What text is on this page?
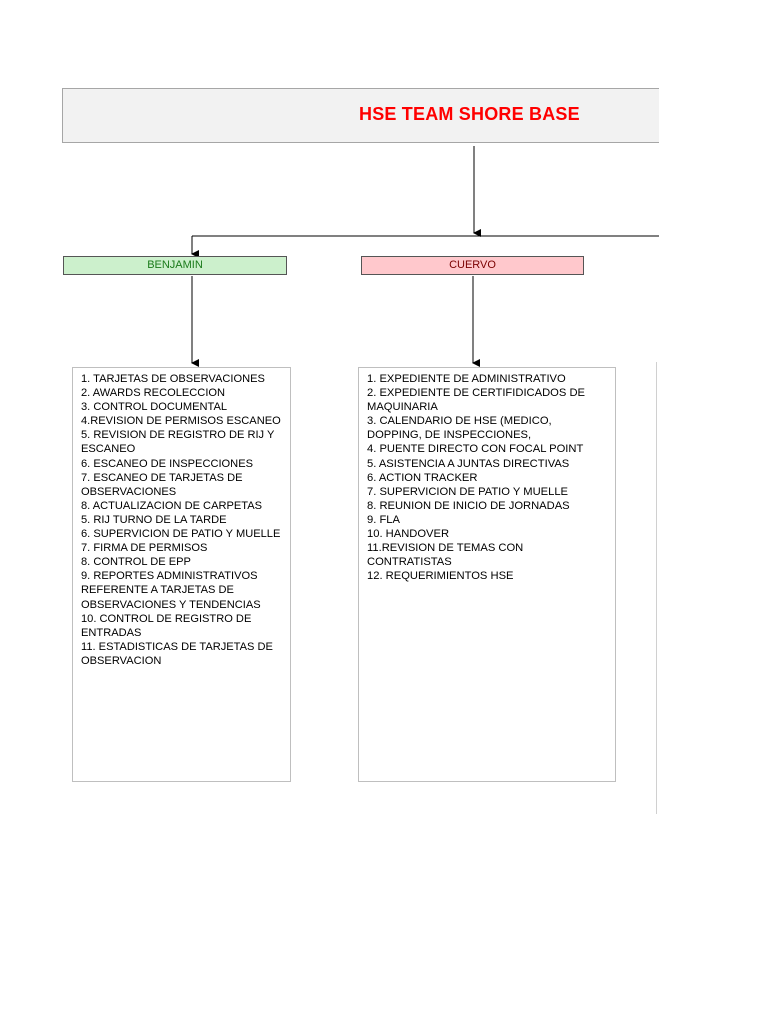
HSE TEAM SHORE BASE
BENJAMIN	CUERVO
1. TARJETAS DE OBSERVACIONES
2. AWARDS RECOLECCION
3. CONTROL DOCUMENTAL
4.REVISION DE PERMISOS ESCANEO 5. REVISION DE REGISTRO DE RIJ Y ESCANEO
6. ESCANEO DE INSPECCIONES
7. ESCANEO DE TARJETAS DE OBSERVACIONES
8. ACTUALIZACION DE CARPETAS
5. RIJ TURNO DE LA TARDE
6. SUPERVICION DE PATIO Y MUELLE
7. FIRMA DE PERMISOS
8. CONTROL DE EPP
9. REPORTES ADMINISTRATIVOS REFERENTE A TARJETAS DE OBSERVACIONES Y TENDENCIAS
10. CONTROL DE REGISTRO DE ENTRADAS
11. ESTADISTICAS DE TARJETAS DE OBSERVACION
1. EXPEDIENTE DE ADMINISTRATIVO
2. EXPEDIENTE DE CERTIFIDICADOS DE MAQUINARIA
3. CALENDARIO DE HSE (MEDICO, DOPPING, DE INSPECCIONES,
4. PUENTE DIRECTO CON FOCAL POINT
5. ASISTENCIA A JUNTAS DIRECTIVAS
6. ACTION TRACKER
7. SUPERVICION DE PATIO Y MUELLE
8. REUNION DE INICIO DE JORNADAS
9. FLA
10. HANDOVER
11.REVISION DE TEMAS CON CONTRATISTAS
12. REQUERIMIENTOS HSE
